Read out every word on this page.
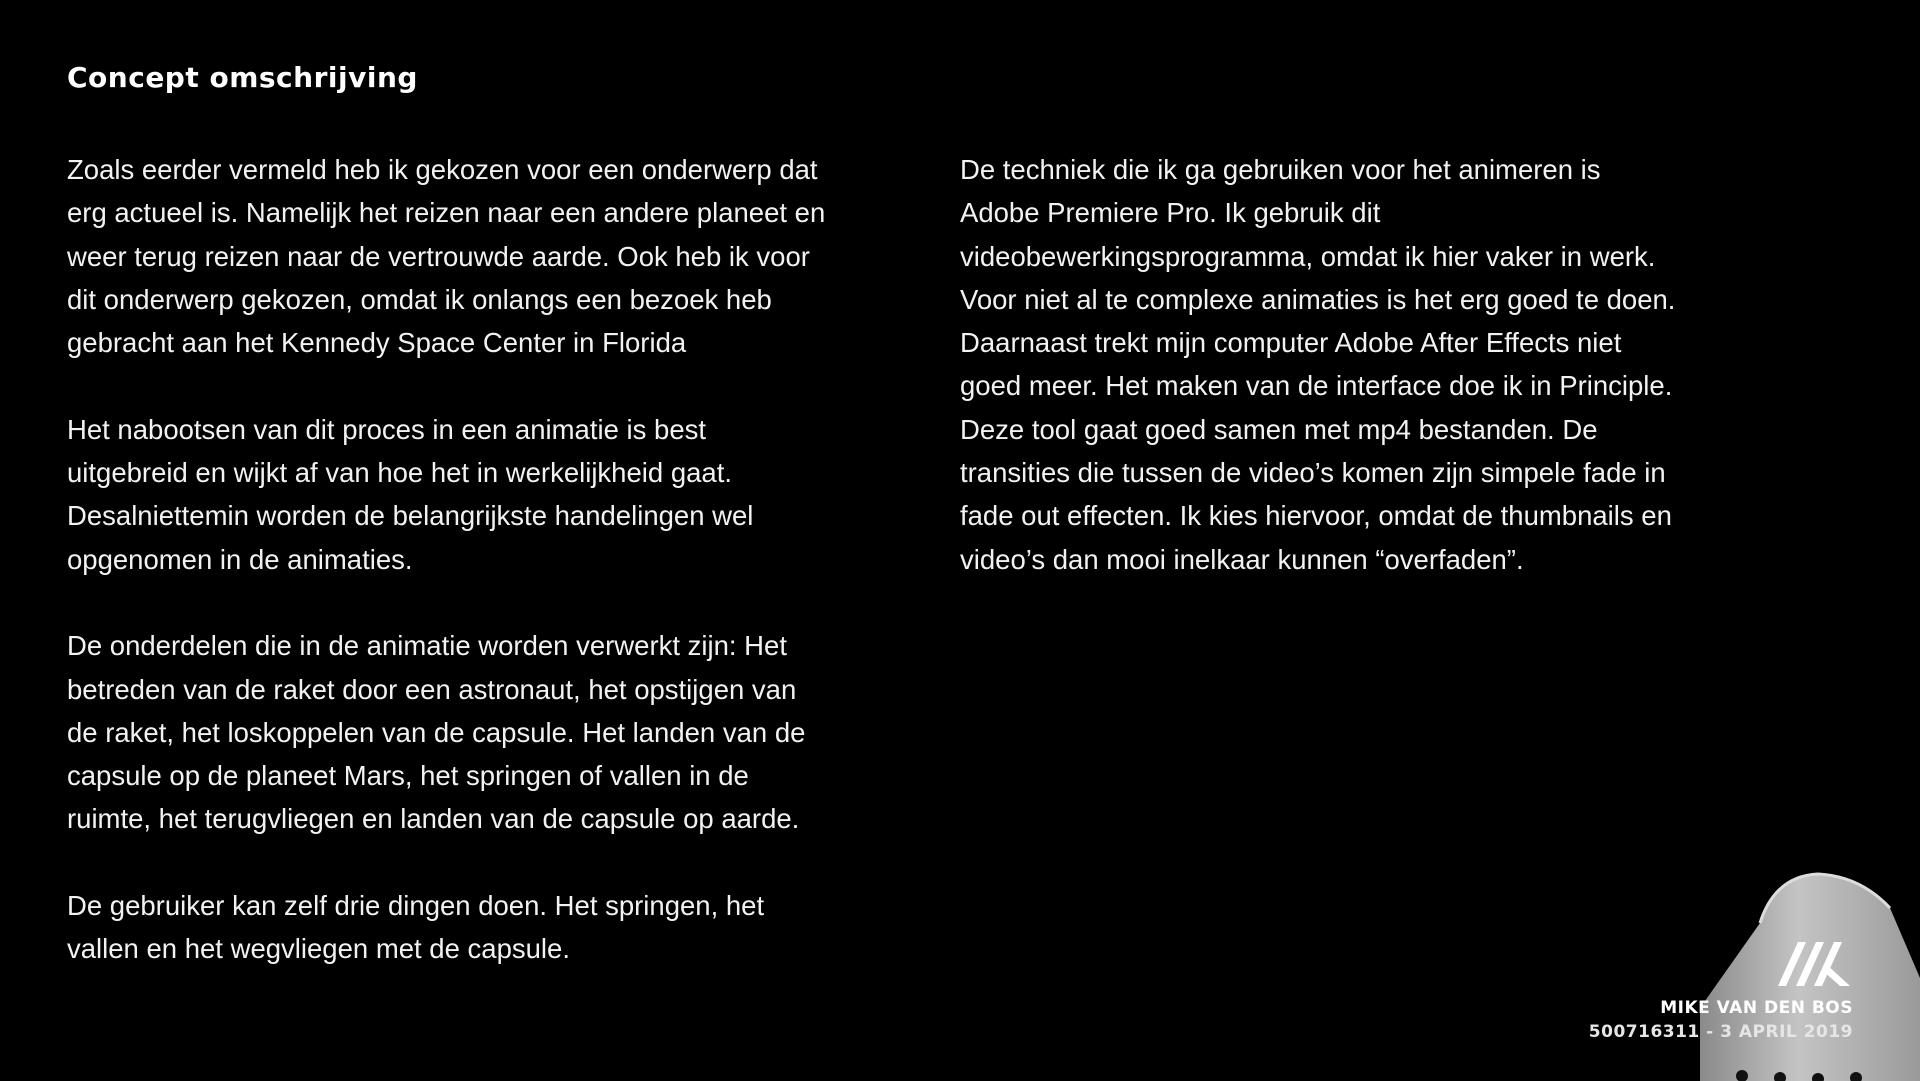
Concept omschrijving

Zoals eerder vermeld heb ik gekozen voor een onderwerp dat
erg actueel is. Namelijk het reizen naar een andere planeet en
weer terug reizen naar de vertrouwde aarde. Ook heb ik voor
dit onderwerp gekozen, omdat ik onlangs een bezoek heb
gebracht aan het Kennedy Space Center in Florida

Het nabootsen van dit proces in een animatie is best
uitgebreid en wijkt af van hoe het in werkelijkheid gaat.
Desalniettemin worden de belangrijkste handelingen wel
opgenomen in de animaties.

De onderdelen die in de animatie worden verwerkt zijn: Het
betreden van de raket door een astronaut, het opstijgen van
de raket, het loskoppelen van de capsule. Het landen van de
capsule op de planeet Mars, het springen of vallen in de
ruimte, het terugvliegen en landen van de capsule op aarde.

De gebruiker kan zelf drie dingen doen. Het springen, het
vallen en het wegvliegen met de capsule.

De techniek die ik ga gebruiken voor het animeren is
Adobe Premiere Pro. Ik gebruik dit
videobewerkingsprogramma, omdat ik hier vaker in werk.
Voor niet al te complexe animaties is het erg goed te doen.
Daarnaast trekt mijn computer Adobe After Effects niet
goed meer. Het maken van de interface doe ik in Principle.
Deze tool gaat goed samen met mp4 bestanden. De
transities die tussen de video’s komen zijn simpele fade in
fade out effecten. Ik kies hiervoor, omdat de thumbnails en
video’s dan mooi inelkaar kunnen “overfaden”.

MIKE VAN DEN BOS
500716311 - 3 APRIL 2019
